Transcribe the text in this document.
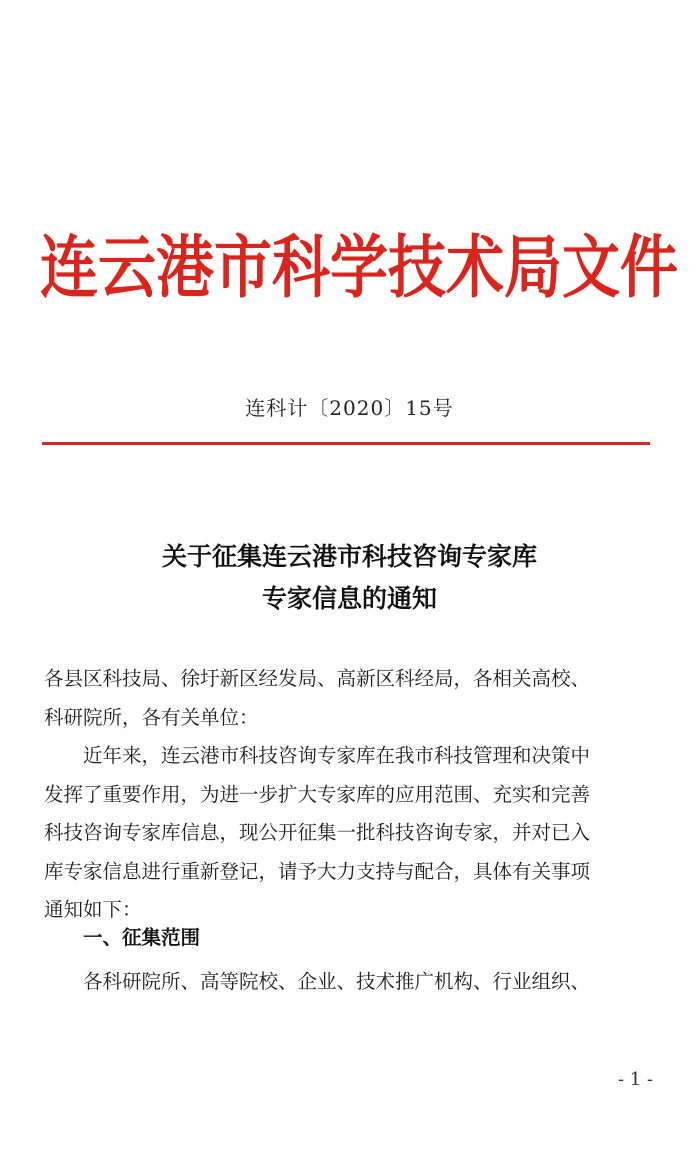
连云港市科学技术局文件
连科计〔2020〕15号
关于征集连云港市科技咨询专家库
专家信息的通知
各县区科技局、徐圩新区经发局、高新区科经局，各相关高校、
科研院所，各有关单位：
近年来，连云港市科技咨询专家库在我市科技管理和决策中
发挥了重要作用，为进一步扩大专家库的应用范围、充实和完善
科技咨询专家库信息，现公开征集一批科技咨询专家，并对已入
库专家信息进行重新登记，请予大力支持与配合，具体有关事项
通知如下：
一、征集范围
各科研院所、高等院校、企业、技术推广机构、行业组织、
- 1 -
